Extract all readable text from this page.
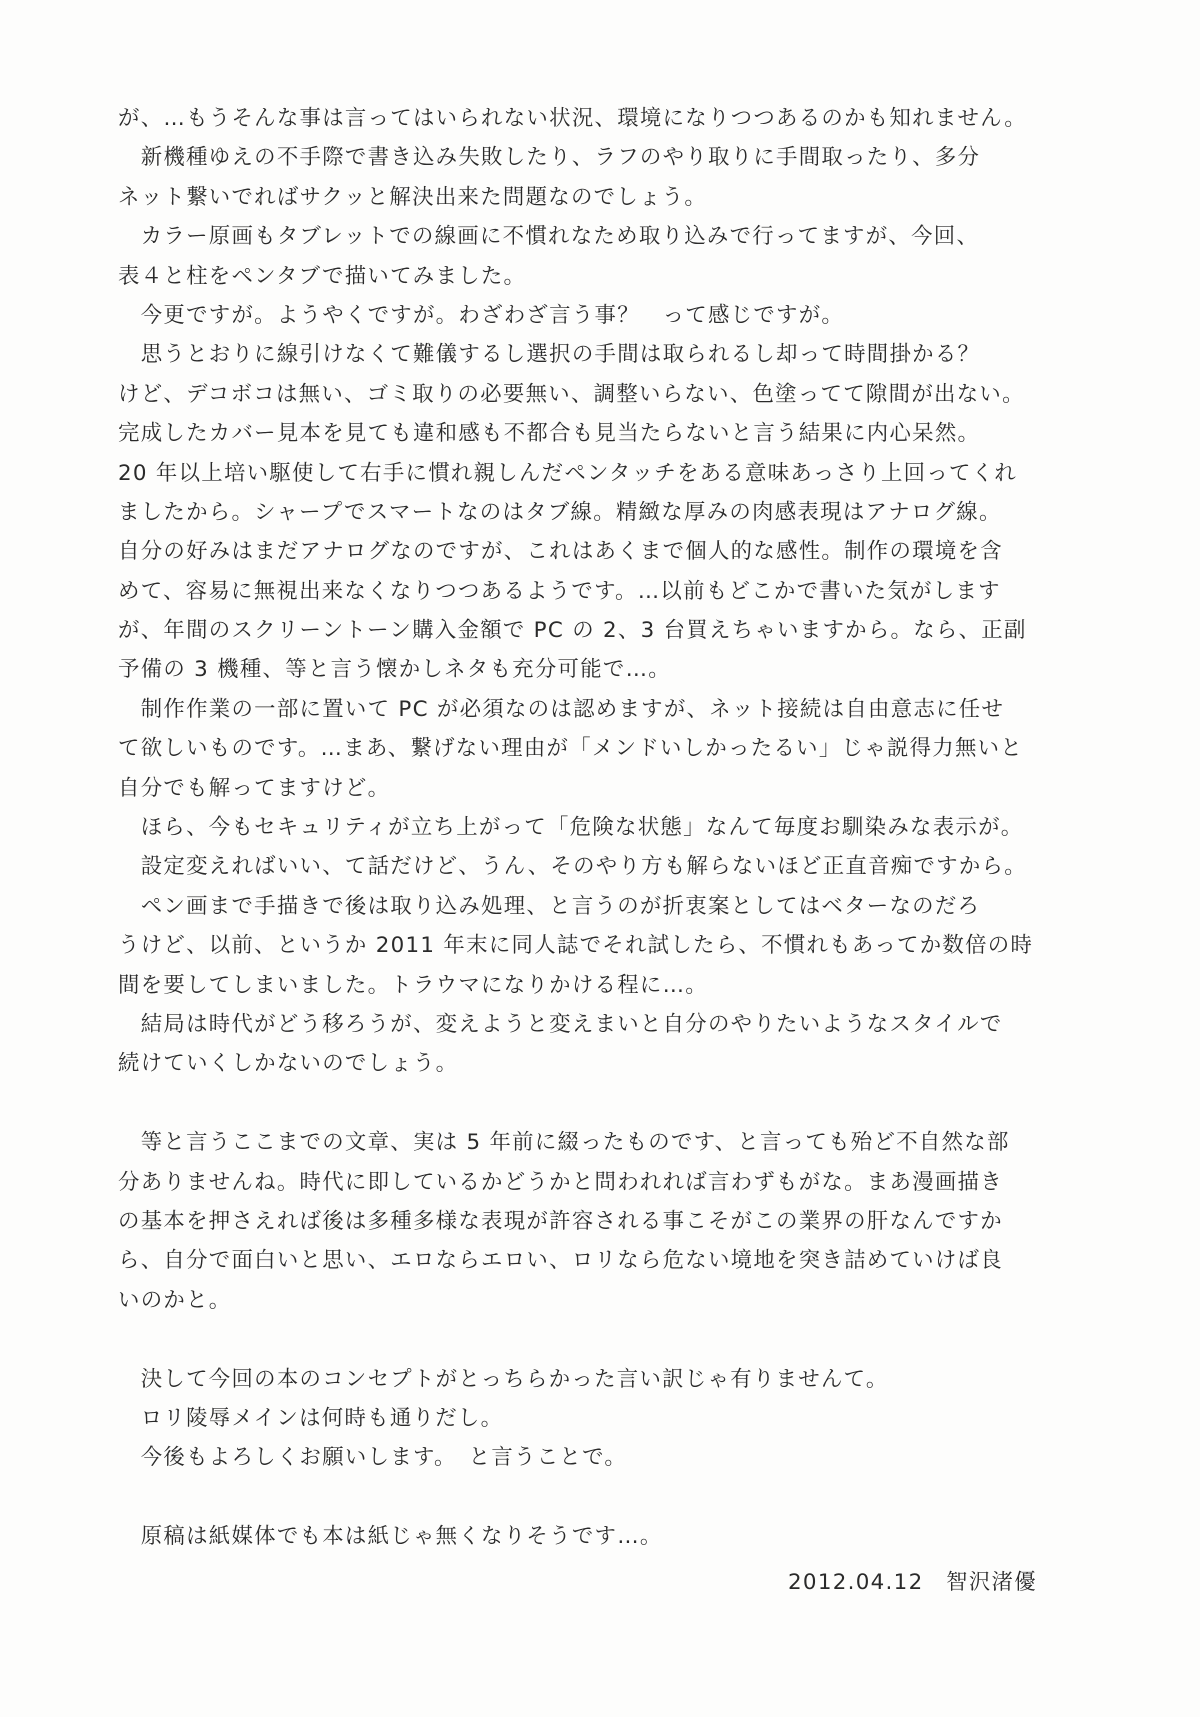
が、…もうそんな事は言ってはいられない状況、環境になりつつあるのかも知れません。
　新機種ゆえの不手際で書き込み失敗したり、ラフのやり取りに手間取ったり、多分
ネット繋いでればサクッと解決出来た問題なのでしょう。
　カラー原画もタブレットでの線画に不慣れなため取り込みで行ってますが、今回、
表４と柱をペンタブで描いてみました。
　今更ですが。ようやくですが。わざわざ言う事？　って感じですが。
　思うとおりに線引けなくて難儀するし選択の手間は取られるし却って時間掛かる？
けど、デコボコは無い、ゴミ取りの必要無い、調整いらない、色塗ってて隙間が出ない。
完成したカバー見本を見ても違和感も不都合も見当たらないと言う結果に内心呆然。
20 年以上培い駆使して右手に慣れ親しんだペンタッチをある意味あっさり上回ってくれ
ましたから。シャープでスマートなのはタブ線。精緻な厚みの肉感表現はアナログ線。
自分の好みはまだアナログなのですが、これはあくまで個人的な感性。制作の環境を含
めて、容易に無視出来なくなりつつあるようです。…以前もどこかで書いた気がします
が、年間のスクリーントーン購入金額で PC の 2、3 台買えちゃいますから。なら、正副
予備の 3 機種、等と言う懐かしネタも充分可能で…。
　制作作業の一部に置いて PC が必須なのは認めますが、ネット接続は自由意志に任せ
て欲しいものです。…まあ、繋げない理由が「メンドいしかったるい」じゃ説得力無いと
自分でも解ってますけど。
　ほら、今もセキュリティが立ち上がって「危険な状態」なんて毎度お馴染みな表示が。
　設定変えればいい、て話だけど、うん、そのやり方も解らないほど正直音痴ですから。
　ペン画まで手描きで後は取り込み処理、と言うのが折衷案としてはベターなのだろ
うけど、以前、というか 2011 年末に同人誌でそれ試したら、不慣れもあってか数倍の時
間を要してしまいました。トラウマになりかける程に…。
　結局は時代がどう移ろうが、変えようと変えまいと自分のやりたいようなスタイルで
続けていくしかないのでしょう。
　等と言うここまでの文章、実は 5 年前に綴ったものです、と言っても殆ど不自然な部
分ありませんね。時代に即しているかどうかと問われれば言わずもがな。まあ漫画描き
の基本を押さえれば後は多種多様な表現が許容される事こそがこの業界の肝なんですか
ら、自分で面白いと思い、エロならエロい、ロリなら危ない境地を突き詰めていけば良
いのかと。
　決して今回の本のコンセプトがとっちらかった言い訳じゃ有りませんて。
　ロリ陵辱メインは何時も通りだし。
　今後もよろしくお願いします。　と言うことで。
　原稿は紙媒体でも本は紙じゃ無くなりそうです…。
2012.04.12　智沢渚優
